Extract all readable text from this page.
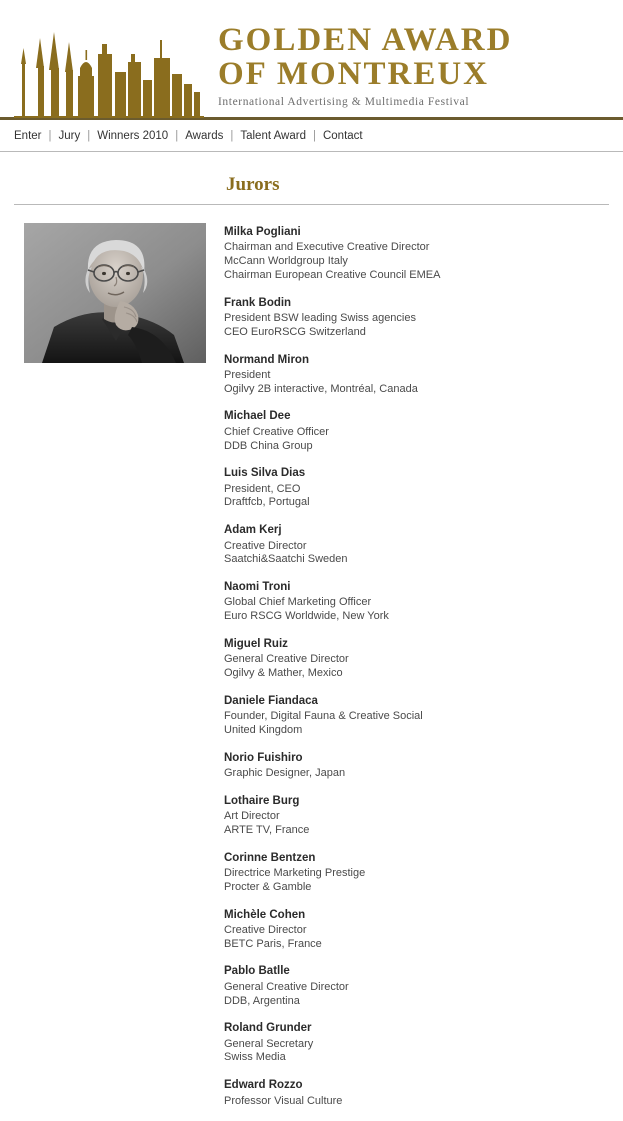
GOLDEN AWARD
OF MONTREUX
International Advertising & Multimedia Festival
Enter | Jury | Winners 2010 | Awards | Talent Award | Contact
Jurors
Milka Pogliani
Chairman and Executive Creative Director
McCann Worldgroup Italy
Chairman European Creative Council EMEA
Frank Bodin
President BSW leading Swiss agencies
CEO EuroRSCG Switzerland
Normand Miron
President
Ogilvy 2B interactive, Montréal, Canada
Michael Dee
Chief Creative Officer
DDB China Group
Luis Silva Dias
President, CEO
Draftfcb, Portugal
Adam Kerj
Creative Director
Saatchi&Saatchi Sweden
Naomi Troni
Global Chief Marketing Officer
Euro RSCG Worldwide, New York
Miguel Ruiz
General Creative Director
Ogilvy & Mather, Mexico
Daniele Fiandaca
Founder, Digital Fauna & Creative Social
United Kingdom
Norio Fuishiro
Graphic Designer, Japan
Lothaire Burg
Art Director
ARTE TV, France
Corinne Bentzen
Directrice Marketing Prestige
Procter & Gamble
Michèle Cohen
Creative Director
BETC Paris, France
Pablo Batlle
General Creative Director
DDB, Argentina
Roland Grunder
General Secretary
Swiss Media
Edward Rozzo
Professor Visual Culture
